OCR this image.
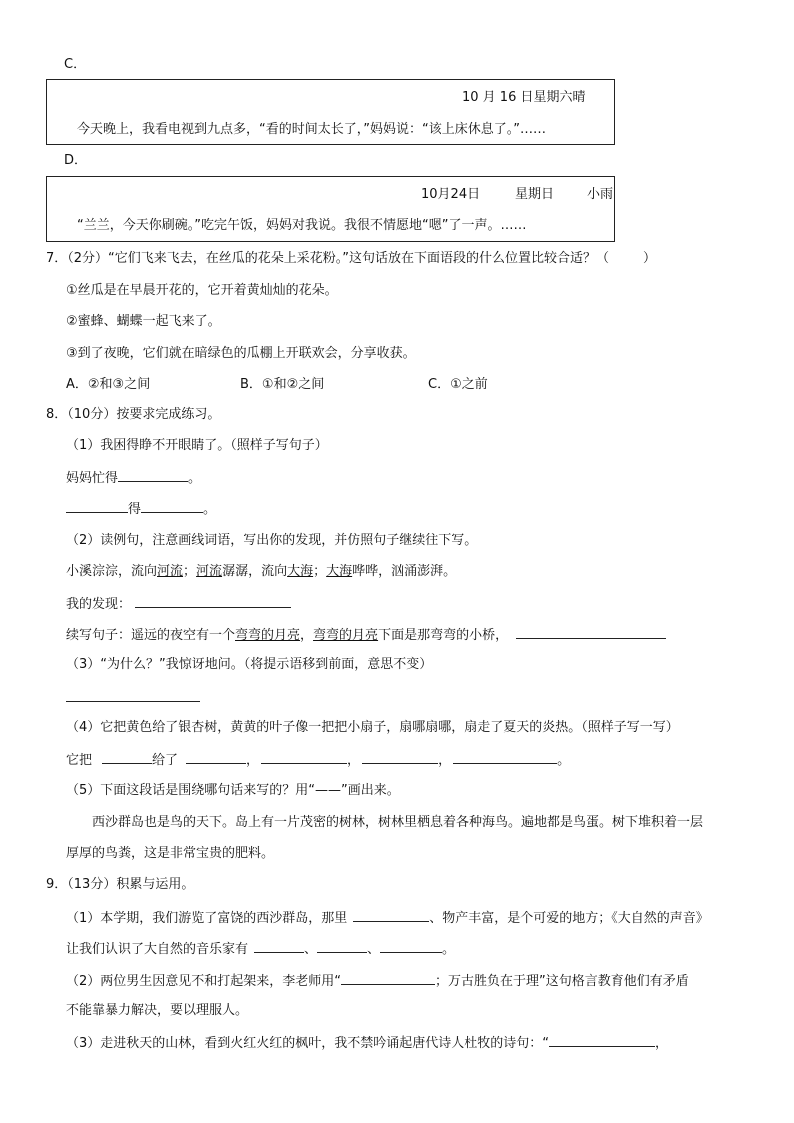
C．
10 月 16 日星期六晴
今天晚上，我看电视到九点多，“看的时间太长了，”妈妈说：“该上床休息了。”……
D．
10月24日	星期日	小雨
“兰兰，今天你刷碗。”吃完午饭，妈妈对我说。我很不情愿地“嗯”了一声。……
7．（2分）“它们飞来飞去，在丝瓜的花朵上采花粉。”这句话放在下面语段的什么位置比较合适？（	）
①丝瓜是在早晨开花的，它开着黄灿灿的花朵。
②蜜蜂、蝴蝶一起飞来了。
③到了夜晚，它们就在暗绿色的瓜棚上开联欢会，分享收获。
A．②和③之间	B．①和②之间	C．①之前
8．（10分）按要求完成练习。
（1）我困得睁不开眼睛了。（照样子写句子）
妈妈忙得	。
得	。
（2）读例句，注意画线词语，写出你的发现，并仿照句子继续往下写。
小溪淙淙，流向河流；河流潺潺，流向大海；大海哗哗，汹涌澎湃。
我的发现：
续写句子：遥远的夜空有一个弯弯的月亮，弯弯的月亮下面是那弯弯的小桥，
（3）“为什么？”我惊讶地问。（将提示语移到前面，意思不变）
（4）它把黄色给了银杏树，黄黄的叶子像一把把小扇子，扇哪扇哪，扇走了夏天的炎热。（照样子写一写）
它把	给了	，	，	，	。
（5）下面这段话是围绕哪句话来写的？用“——”画出来。
西沙群岛也是鸟的天下。岛上有一片茂密的树林，树林里栖息着各种海鸟。遍地都是鸟蛋。树下堆积着一层
厚厚的鸟粪，这是非常宝贵的肥料。
9．（13分）积累与运用。
（1）本学期，我们游览了富饶的西沙群岛，那里	、物产丰富，是个可爱的地方；《大自然的声音》
让我们认识了大自然的音乐家有	、	、	。
（2）两位男生因意见不和打起架来，李老师用“	；万古胜负在于理”这句格言教育他们有矛盾
不能靠暴力解决，要以理服人。
（3）走进秋天的山林，看到火红火红的枫叶，我不禁吟诵起唐代诗人杜牧的诗句：“	，
